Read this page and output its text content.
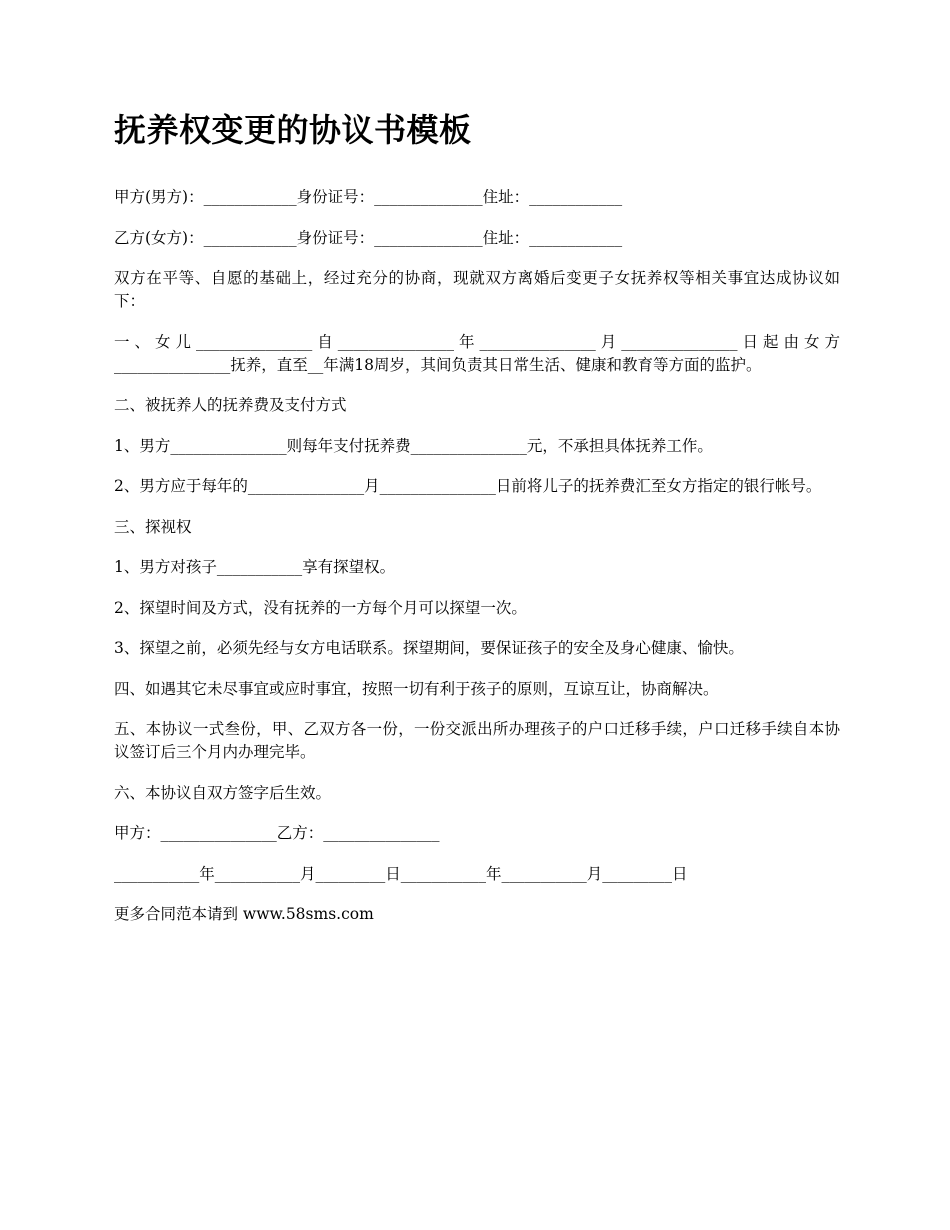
抚养权变更的协议书模板

甲方(男方)：____________身份证号：______________住址：____________

乙方(女方)：____________身份证号：______________住址：____________

双方在平等、自愿的基础上，经过充分的协商，现就双方离婚后变更子女抚养权等相关事宜达成协议如下：

一、女儿_______________自_______________年_______________月_______________日起由女方_______________抚养，直至__年满18周岁，其间负责其日常生活、健康和教育等方面的监护。

二、被抚养人的抚养费及支付方式

1、男方_______________则每年支付抚养费_______________元，不承担具体抚养工作。

2、男方应于每年的_______________月_______________日前将儿子的抚养费汇至女方指定的银行帐号。

三、探视权

1、男方对孩子___________享有探望权。

2、探望时间及方式，没有抚养的一方每个月可以探望一次。

3、探望之前，必须先经与女方电话联系。探望期间，要保证孩子的安全及身心健康、愉快。

四、如遇其它未尽事宜或应时事宜，按照一切有利于孩子的原则，互谅互让，协商解决。

五、本协议一式叁份，甲、乙双方各一份，一份交派出所办理孩子的户口迁移手续，户口迁移手续自本协议签订后三个月内办理完毕。

六、本协议自双方签字后生效。

甲方：_______________乙方：_______________

___________年___________月_________日___________年___________月_________日

更多合同范本请到 www.58sms.com
